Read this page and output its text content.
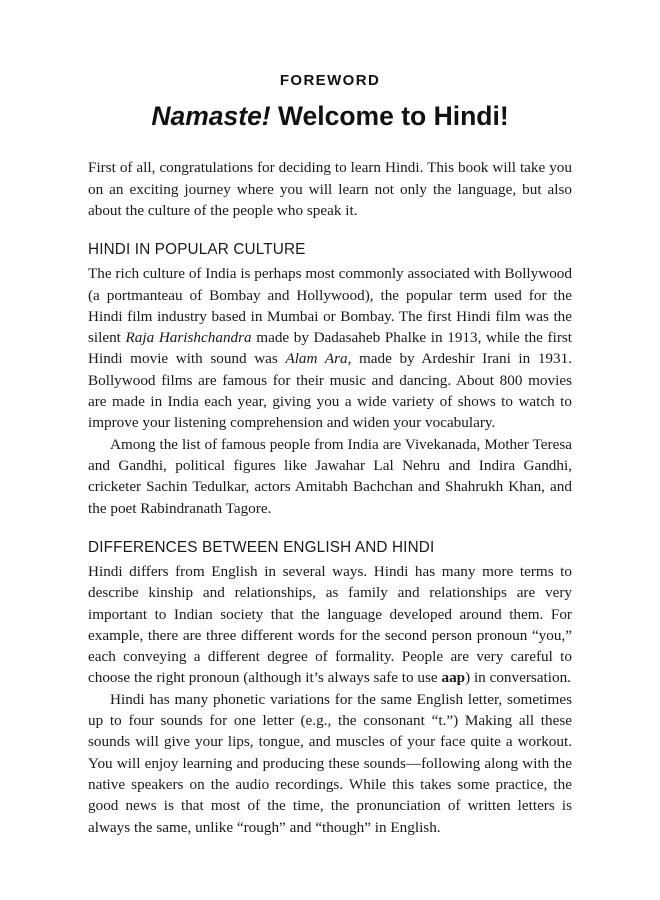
FOREWORD
Namaste! Welcome to Hindi!

First of all, congratulations for deciding to learn Hindi. This book will take you on an exciting journey where you will learn not only the language, but also about the culture of the people who speak it.

HINDI IN POPULAR CULTURE

The rich culture of India is perhaps most commonly associated with Bollywood (a portmanteau of Bombay and Hollywood), the popular term used for the Hindi film industry based in Mumbai or Bombay. The first Hindi film was the silent Raja Harishchandra made by Dadasaheb Phalke in 1913, while the first Hindi movie with sound was Alam Ara, made by Ardeshir Irani in 1931. Bollywood films are famous for their music and dancing. About 800 movies are made in India each year, giving you a wide variety of shows to watch to improve your listening comprehension and widen your vocabulary.

Among the list of famous people from India are Vivekanada, Mother Teresa and Gandhi, political figures like Jawahar Lal Nehru and Indira Gandhi, cricketer Sachin Tedulkar, actors Amitabh Bachchan and Shahrukh Khan, and the poet Rabindranath Tagore.

DIFFERENCES BETWEEN ENGLISH AND HINDI

Hindi differs from English in several ways. Hindi has many more terms to describe kinship and relationships, as family and relationships are very important to Indian society that the language developed around them. For example, there are three different words for the second person pronoun “you,” each conveying a different degree of formality. People are very careful to choose the right pronoun (although it’s always safe to use aap) in conversation.

Hindi has many phonetic variations for the same English letter, sometimes up to four sounds for one letter (e.g., the consonant “t.”) Making all these sounds will give your lips, tongue, and muscles of your face quite a workout. You will enjoy learning and producing these sounds—following along with the native speakers on the audio recordings. While this takes some practice, the good news is that most of the time, the pronunciation of written letters is always the same, unlike “rough” and “though” in English.
